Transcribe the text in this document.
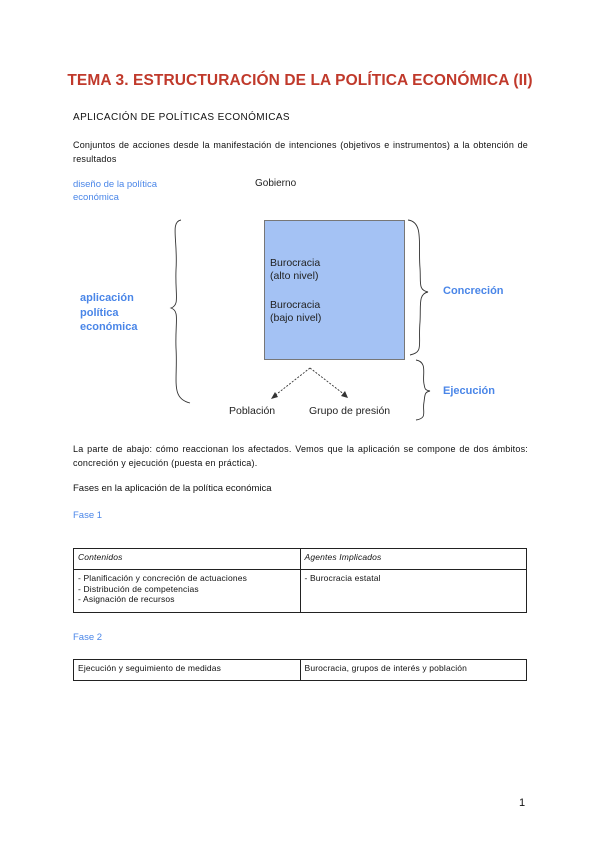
TEMA 3. ESTRUCTURACIÓN DE LA POLÍTICA ECONÓMICA (II)
APLICACIÓN DE POLÍTICAS ECONÓMICAS
Conjuntos de acciones desde la manifestación de intenciones (objetivos e instrumentos) a la obtención de resultados
diseño de la política
económica
Gobierno
aplicación
política
económica
Burocracia
(alto nivel)
Burocracia
(bajo nivel)
Concreción
Ejecución
Población	Grupo de presión
La parte de abajo: cómo reaccionan los afectados. Vemos que la aplicación se compone de dos ámbitos: concreción y ejecución (puesta en práctica).
Fases en la aplicación de la política económica
Fase 1
Contenidos	Agentes Implicados

- Planificación y concreción de actuaciones
- Distribución de competencias
- Asignación de recursos	- Burocracia estatal
Fase 2
Ejecución y seguimiento de medidas	Burocracia, grupos de interés y población
1
